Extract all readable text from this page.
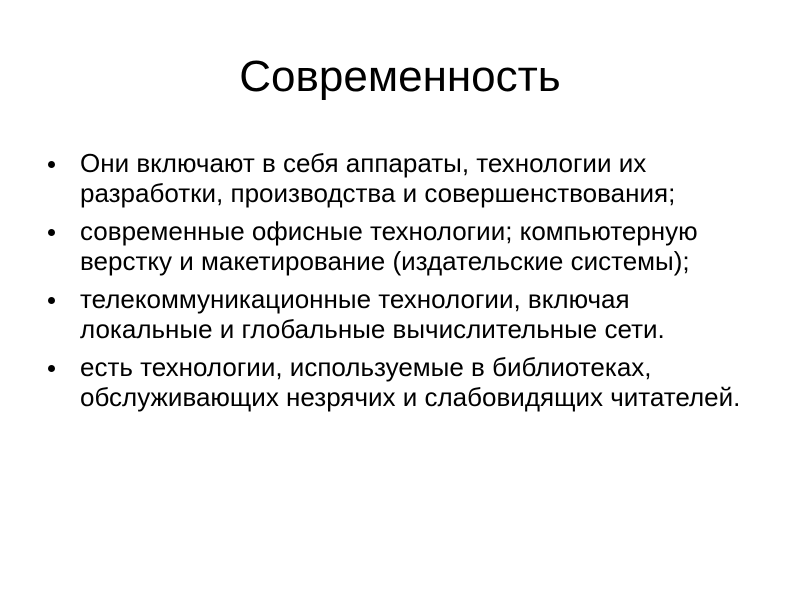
Современность
Они включают в себя аппараты, технологии их разработки, производства и совершенствования;
современные офисные технологии; компьютерную верстку и макетирование (издательские системы);
телекоммуникационные технологии, включая локальные и глобальные вычислительные сети.
есть технологии, используемые в библиотеках, обслуживающих незрячих и слабовидящих читателей.
